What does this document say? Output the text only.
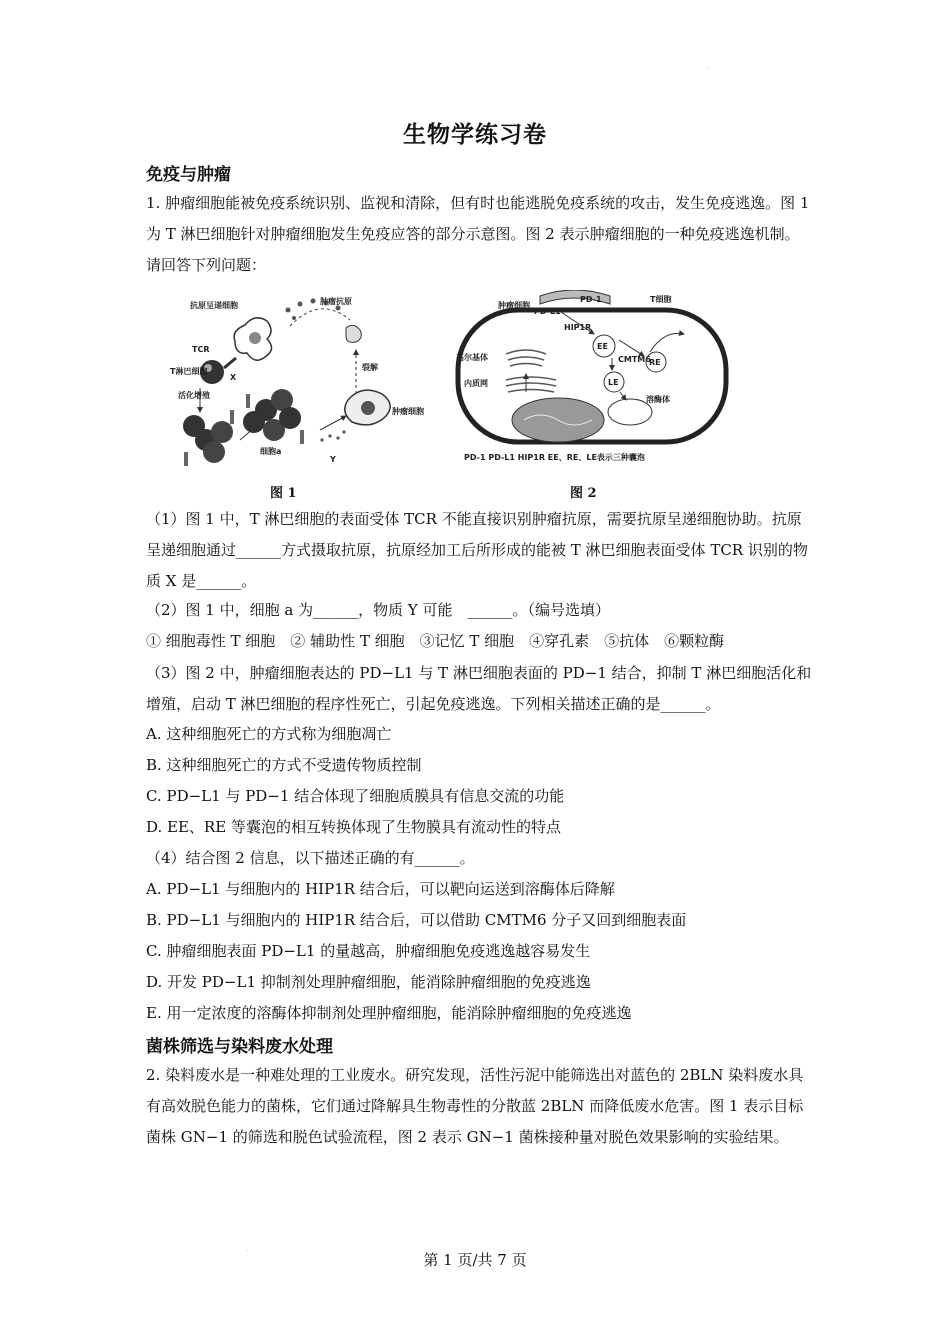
·
生物学练习卷
免疫与肿瘤
1. 肿瘤细胞能被免疫系统识别、监视和清除，但有时也能逃脱免疫系统的攻击，发生免疫逃逸。图 1 为 T 淋巴细胞针对肿瘤细胞发生免疫应答的部分示意图。图 2 表示肿瘤细胞的一种免疫逃逸机制。请回答下列问题：
抗原呈递细胞	肿瘤抗原
TCR
T淋巴细胞
X
活化增殖
裂解
肿瘤细胞
细胞a
Y
肿瘤细胞
PD-1	T细胞
PD-L1
HIP1R
高尔基体
内质网
EE
CMTM6
RE
LE
溶酶体
PD-1 PD-L1 HIP1R EE、RE、LE表示三种囊泡
图 1	图 2
（1）图 1 中，T 淋巴细胞的表面受体 TCR 不能直接识别肿瘤抗原，需要抗原呈递细胞协助。抗原呈递细胞通过______方式摄取抗原，抗原经加工后所形成的能被 T 淋巴细胞表面受体 TCR 识别的物质 X 是______。
（2）图 1 中，细胞 a 为______，物质 Y 可能　______。（编号选填）
① 细胞毒性 T 细胞　② 辅助性 T 细胞　③记忆 T 细胞　④穿孔素　⑤抗体　⑥颗粒酶
（3）图 2 中，肿瘤细胞表达的 PD−L1 与 T 淋巴细胞表面的 PD−1 结合，抑制 T 淋巴细胞活化和增殖，启动 T 淋巴细胞的程序性死亡，引起免疫逃逸。下列相关描述正确的是______。
A. 这种细胞死亡的方式称为细胞凋亡
B. 这种细胞死亡的方式不受遗传物质控制
C. PD−L1 与 PD−1 结合体现了细胞质膜具有信息交流的功能
D. EE、RE 等囊泡的相互转换体现了生物膜具有流动性的特点
（4）结合图 2 信息，以下描述正确的有______。
A. PD−L1 与细胞内的 HIP1R 结合后，可以靶向运送到溶酶体后降解
B. PD−L1 与细胞内的 HIP1R 结合后，可以借助 CMTM6 分子又回到细胞表面
C. 肿瘤细胞表面 PD−L1 的量越高，肿瘤细胞免疫逃逸越容易发生
D. 开发 PD−L1 抑制剂处理肿瘤细胞，能消除肿瘤细胞的免疫逃逸
E. 用一定浓度的溶酶体抑制剂处理肿瘤细胞，能消除肿瘤细胞的免疫逃逸
菌株筛选与染料废水处理
2. 染料废水是一种难处理的工业废水。研究发现，活性污泥中能筛选出对蓝色的 2BLN 染料废水具有高效脱色能力的菌株，它们通过降解具生物毒性的分散蓝 2BLN 而降低废水危害。图 1 表示目标菌株 GN−1 的筛选和脱色试验流程，图 2 表示 GN−1 菌株接种量对脱色效果影响的实验结果。
·	第 1 页/共 7 页
